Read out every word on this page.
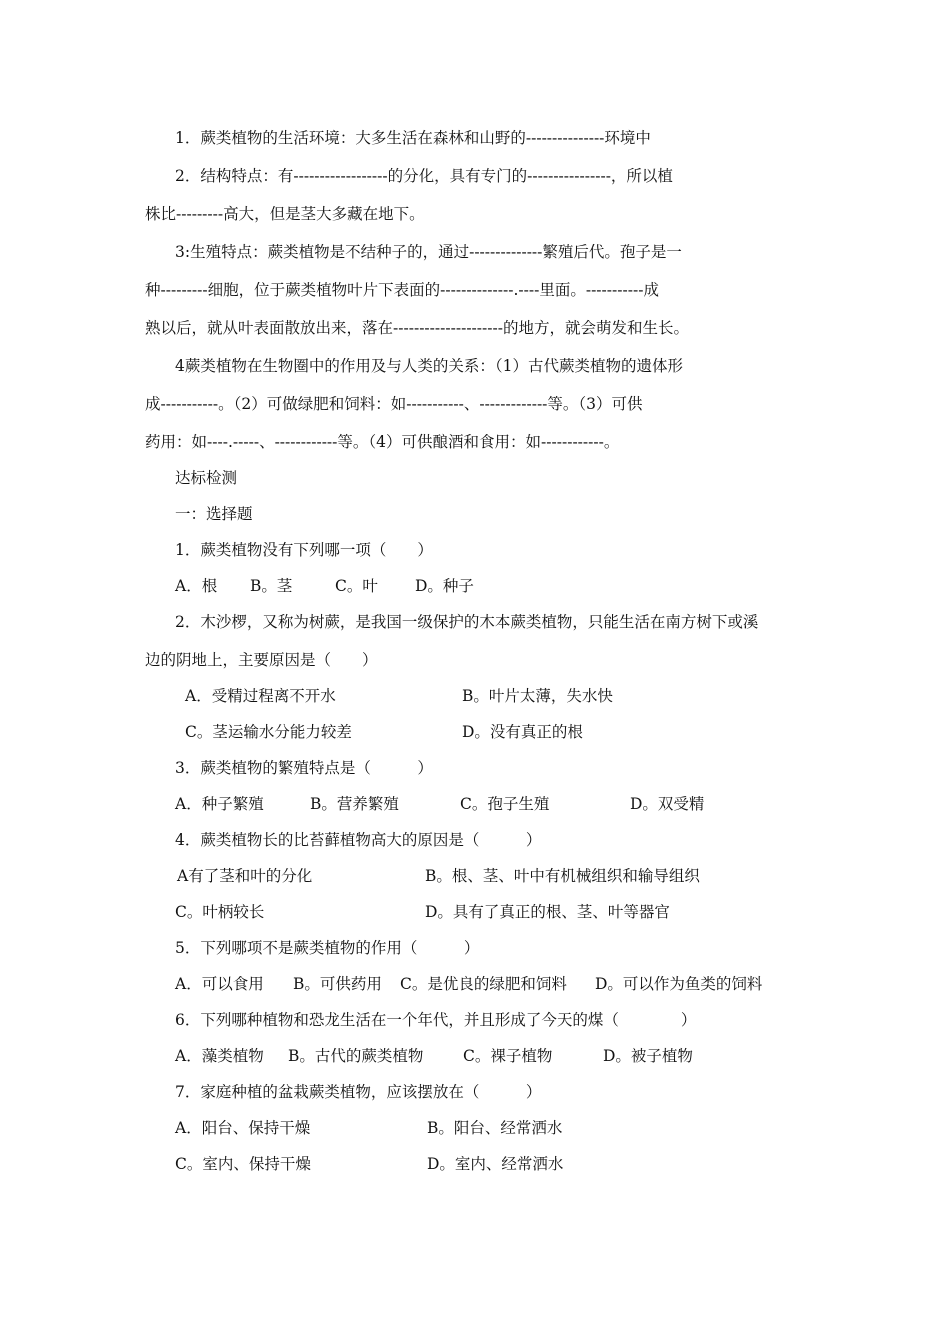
1．蕨类植物的生活环境：大多生活在森林和山野的---------------环境中
2．结构特点：有------------------的分化，具有专门的----------------，所以植
株比---------高大，但是茎大多藏在地下。
3:生殖特点：蕨类植物是不结种子的，通过--------------繁殖后代。孢子是一
种---------细胞，位于蕨类植物叶片下表面的--------------.----里面。-----------成
熟以后，就从叶表面散放出来，落在---------------------的地方，就会萌发和生长。
4蕨类植物在生物圈中的作用及与人类的关系：（1）古代蕨类植物的遗体形
成-----------。（2）可做绿肥和饲料：如-----------、-------------等。（3）可供
药用：如----.-----、------------等。（4）可供酿酒和食用：如------------。
达标检测
一：选择题
1．蕨类植物没有下列哪一项（　　）
A．根	B。茎	C。叶	D。种子
2．木沙椤，又称为树蕨，是我国一级保护的木本蕨类植物，只能生活在南方树下或溪
边的阴地上，主要原因是（　　）
A．受精过程离不开水	B。叶片太薄，失水快
C。茎运输水分能力较差	D。没有真正的根
3．蕨类植物的繁殖特点是（　　　）
A．种子繁殖	B。营养繁殖	C。孢子生殖	D。双受精
4．蕨类植物长的比苔藓植物高大的原因是（　　　）
A有了茎和叶的分化	B。根、茎、叶中有机械组织和输导组织
C。叶柄较长	D。具有了真正的根、茎、叶等器官
5．下列哪项不是蕨类植物的作用（　　　）
A．可以食用	B。可供药用	C。是优良的绿肥和饲料	D。可以作为鱼类的饲料
6．下列哪种植物和恐龙生活在一个年代，并且形成了今天的煤（　　　　）
A．藻类植物	B。古代的蕨类植物	C。裸子植物	D。被子植物
7．家庭种植的盆栽蕨类植物，应该摆放在（　　　）
A．阳台、保持干燥	B。阳台、经常洒水
C。室内、保持干燥	D。室内、经常洒水
